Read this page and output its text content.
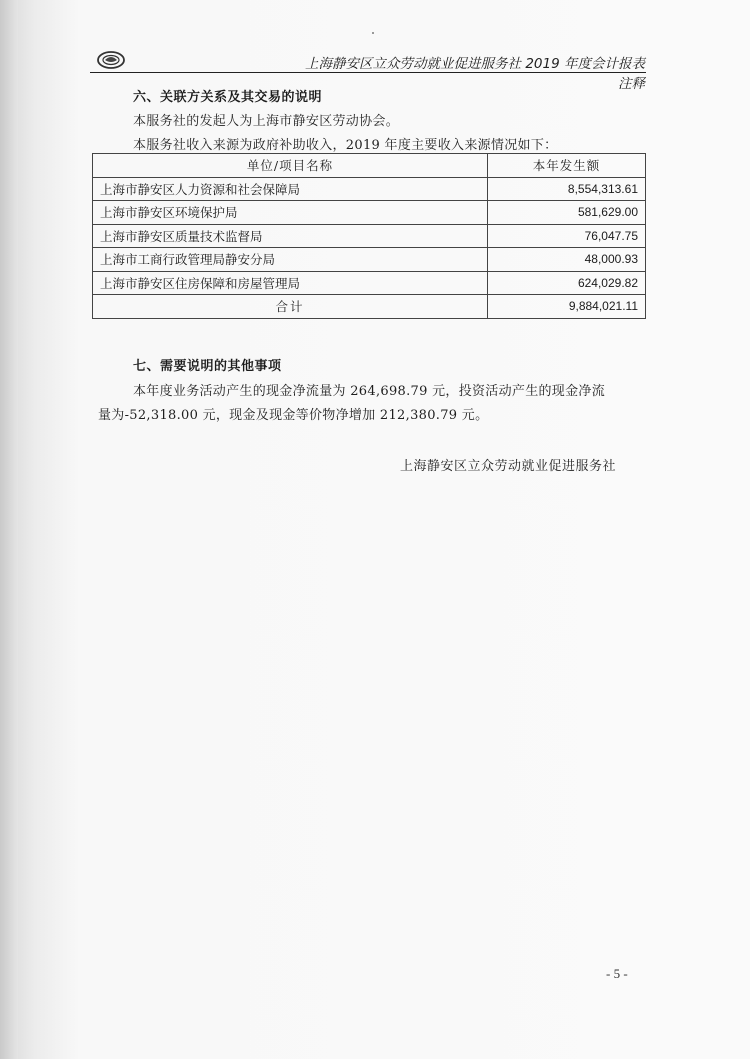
上海静安区立众劳动就业促进服务社 2019 年度会计报表注释
六、关联方关系及其交易的说明
本服务社的发起人为上海市静安区劳动协会。
本服务社收入来源为政府补助收入，2019 年度主要收入来源情况如下：
单位/项目名称	本年发生额
上海市静安区人力资源和社会保障局	8,554,313.61
上海市静安区环境保护局	581,629.00
上海市静安区质量技术监督局	76,047.75
上海市工商行政管理局静安分局	48,000.93
上海市静安区住房保障和房屋管理局	624,029.82
合计	9,884,021.11
七、需要说明的其他事项
本年度业务活动产生的现金净流量为 264,698.79 元，投资活动产生的现金净流
量为-52,318.00 元，现金及现金等价物净增加 212,380.79 元。
上海静安区立众劳动就业促进服务社
- 5 -
